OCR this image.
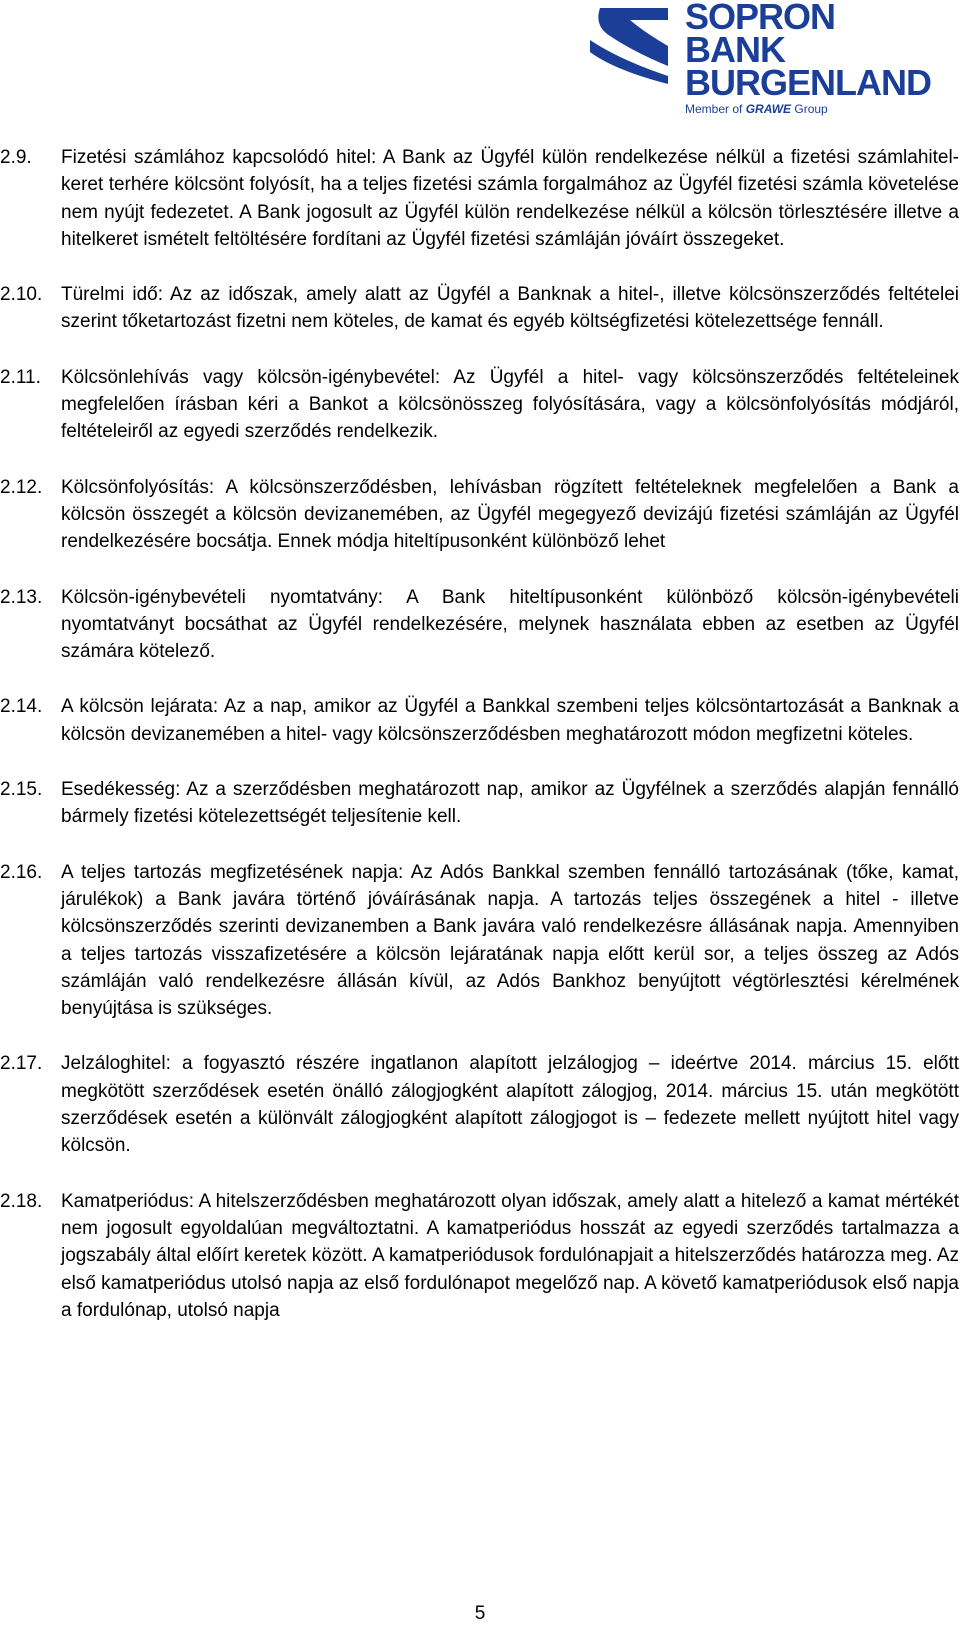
SOPRON
BANK
BURGENLAND
Member of GRAWE Group
2.9.	Fizetési számlához kapcsolódó hitel: A Bank az Ügyfél külön rendelkezése nélkül a fizetési számlahitel-keret terhére kölcsönt folyósít, ha a teljes fizetési számla forgalmához az Ügyfél fizetési számla követelése nem nyújt fedezetet. A Bank jogosult az Ügyfél külön rendelkezése nélkül a kölcsön törlesztésére illetve a hitelkeret ismételt feltöltésére fordítani az Ügyfél fizetési számláján jóváírt összegeket.

2.10. Türelmi idő: Az az időszak, amely alatt az Ügyfél a Banknak a hitel-, illetve kölcsönszerződés feltételei szerint tőketartozást fizetni nem köteles, de kamat és egyéb költségfizetési kötelezettsége fennáll.

2.11.	Kölcsönlehívás vagy kölcsön-igénybevétel: Az Ügyfél a hitel- vagy kölcsönszerződés feltételeinek megfelelően írásban kéri a Bankot a kölcsönösszeg folyósítására, vagy a kölcsönfolyósítás módjáról, feltételeiről az egyedi szerződés rendelkezik.

2.12. Kölcsönfolyósítás: A kölcsönszerződésben, lehívásban rögzített feltételeknek megfelelően a Bank a kölcsön összegét a kölcsön devizanemében, az Ügyfél megegyező devizájú fizetési számláján az Ügyfél rendelkezésére bocsátja. Ennek módja hiteltípusonként különböző lehet

2.13. Kölcsön-igénybevételi nyomtatvány: A Bank hiteltípusonként különböző kölcsön-igénybevételi nyomtatványt bocsáthat az Ügyfél rendelkezésére, melynek használata ebben az esetben az Ügyfél számára kötelező.

2.14. A kölcsön lejárata: Az a nap, amikor az Ügyfél a Bankkal szembeni teljes kölcsöntartozását a Banknak a kölcsön devizanemében a hitel- vagy kölcsönszerződésben meghatározott módon megfizetni köteles.

2.15. Esedékesség: Az a szerződésben meghatározott nap, amikor az Ügyfélnek a szerződés alapján fennálló bármely fizetési kötelezettségét teljesítenie kell.

2.16. A teljes tartozás megfizetésének napja: Az Adós Bankkal szemben fennálló tartozásának (tőke, kamat, járulékok) a Bank javára történő jóváírásának napja. A tartozás teljes összegének a hitel - illetve kölcsönszerződés szerinti devizanemben a Bank javára való rendelkezésre állásának napja. Amennyiben a teljes tartozás visszafizetésére a kölcsön lejáratának napja előtt kerül sor, a teljes összeg az Adós számláján való rendelkezésre állásán kívül, az Adós Bankhoz benyújtott végtörlesztési kérelmének benyújtása is szükséges.

2.17. Jelzáloghitel: a fogyasztó részére ingatlanon alapított jelzálogjog – ideértve 2014. március 15. előtt megkötött szerződések esetén önálló zálogjogként alapított zálogjog, 2014. március 15. után megkötött szerződések esetén a különvált zálogjogként alapított zálogjogot is – fedezete mellett nyújtott hitel vagy kölcsön.

2.18. Kamatperiódus: A hitelszerződésben meghatározott olyan időszak, amely alatt a hitelező a kamat mértékét nem jogosult egyoldalúan megváltoztatni. A kamatperiódus hosszát az egyedi szerződés tartalmazza a jogszabály által előírt keretek között. A kamatperiódusok fordulónapjait a hitelszerződés határozza meg. Az első kamatperiódus utolsó napja az első fordulónapot megelőző nap. A követő kamatperiódusok első napja a fordulónap, utolsó napja

5
